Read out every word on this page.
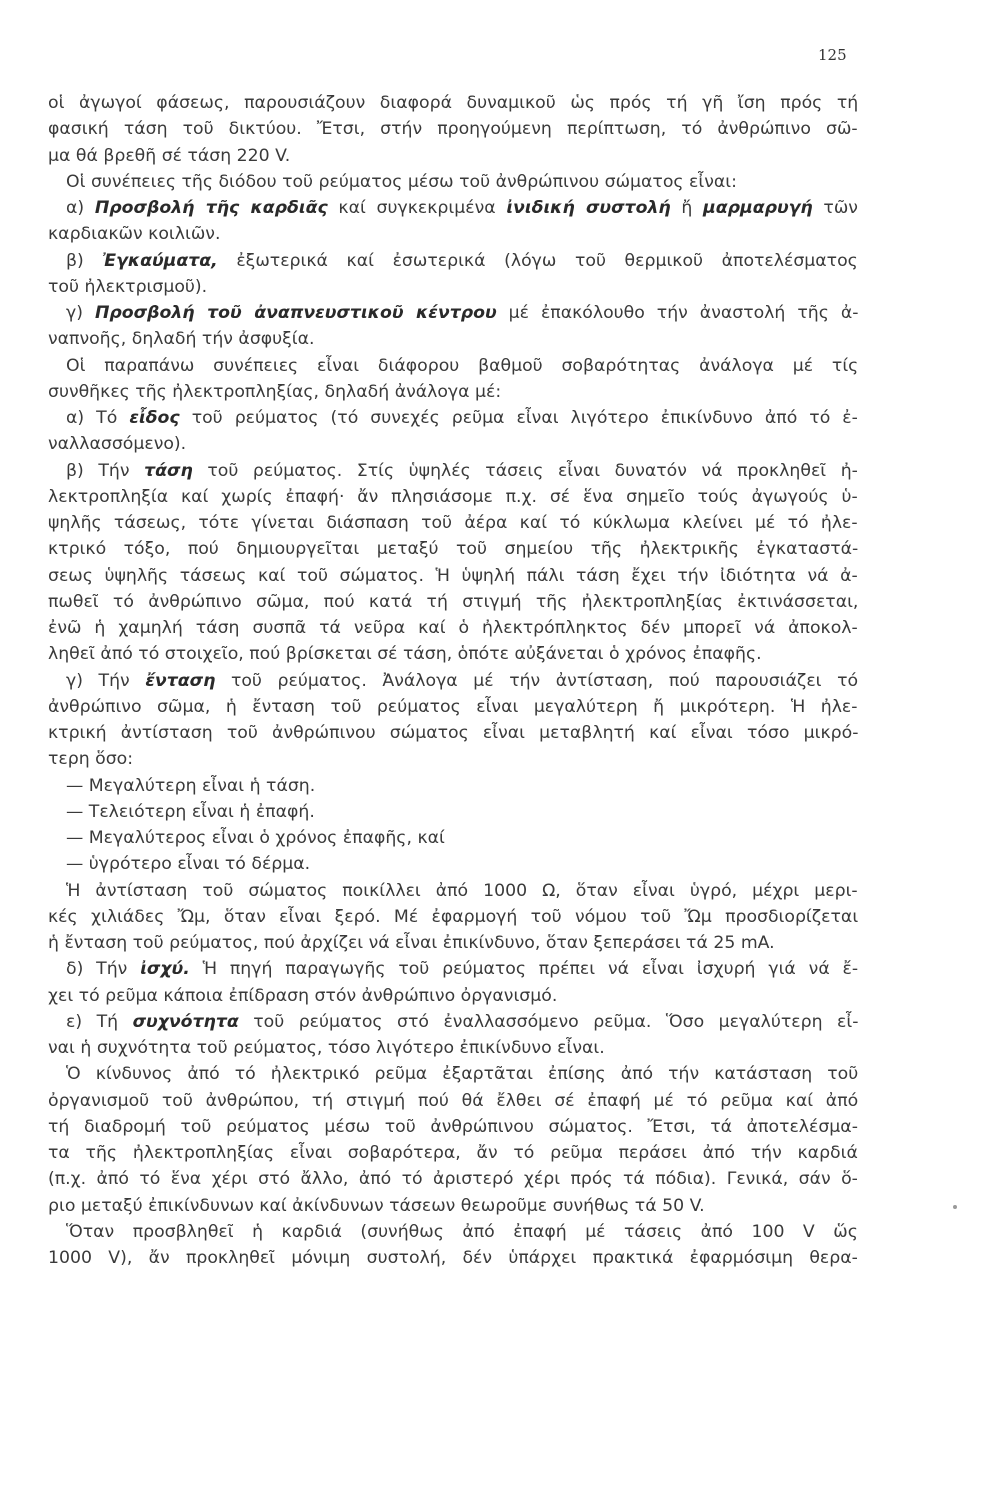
125
οἱ ἀγωγοί φάσεως, παρουσιάζουν διαφορά δυναμικοῦ ὡς πρός τή γῆ ἴση πρός τή
φασική τάση τοῦ δικτύου. Ἔτσι, στήν προηγούμενη περίπτωση, τό ἀνθρώπινο σῶ-
μα θά βρεθῆ σέ τάση 220 V.
Οἱ συνέπειες τῆς διόδου τοῦ ρεύματος μέσω τοῦ ἀνθρώπινου σώματος εἶναι:
α) Προσβολή τῆς καρδιᾶς καί συγκεκριμένα ἰνιδική συστολή ἤ μαρμαρυγή τῶν
καρδιακῶν κοιλιῶν.
β) Ἐγκαύματα, ἐξωτερικά καί ἐσωτερικά (λόγω τοῦ θερμικοῦ ἀποτελέσματος
τοῦ ἠλεκτρισμοῦ).
γ) Προσβολή τοῦ ἀναπνευστικοῦ κέντρου μέ ἐπακόλουθο τήν ἀναστολή τῆς ἀ-
ναπνοῆς, δηλαδή τήν ἀσφυξία.
Οἱ παραπάνω συνέπειες εἶναι διάφορου βαθμοῦ σοβαρότητας ἀνάλογα μέ τίς
συνθῆκες τῆς ἠλεκτροπληξίας, δηλαδή ἀνάλογα μέ:
α) Τό εἶδος τοῦ ρεύματος (τό συνεχές ρεῦμα εἶναι λιγότερο ἐπικίνδυνο ἀπό τό ἐ-
ναλλασσόμενο).
β) Τήν τάση τοῦ ρεύματος. Στίς ὑψηλές τάσεις εἶναι δυνατόν νά προκληθεῖ ἠ-
λεκτροπληξία καί χωρίς ἐπαφή· ἄν πλησιάσομε π.χ. σέ ἕνα σημεῖο τούς ἀγωγούς ὑ-
ψηλῆς τάσεως, τότε γίνεται διάσπαση τοῦ ἀέρα καί τό κύκλωμα κλείνει μέ τό ἠλε-
κτρικό τόξο, πού δημιουργεῖται μεταξύ τοῦ σημείου τῆς ἠλεκτρικῆς ἐγκαταστά-
σεως ὑψηλῆς τάσεως καί τοῦ σώματος. Ἡ ὑψηλή πάλι τάση ἔχει τήν ἰδιότητα νά ἀ-
πωθεῖ τό ἀνθρώπινο σῶμα, πού κατά τή στιγμή τῆς ἠλεκτροπληξίας ἐκτινάσσεται,
ἐνῶ ἡ χαμηλή τάση συσπᾶ τά νεῦρα καί ὁ ἠλεκτρόπληκτος δέν μπορεῖ νά ἀποκολ-
ληθεῖ ἀπό τό στοιχεῖο, πού βρίσκεται σέ τάση, ὁπότε αὐξάνεται ὁ χρόνος ἐπαφῆς.
γ) Τήν ἔνταση τοῦ ρεύματος. Ἀνάλογα μέ τήν ἀντίσταση, πού παρουσιάζει τό
ἀνθρώπινο σῶμα, ἡ ἔνταση τοῦ ρεύματος εἶναι μεγαλύτερη ἤ μικρότερη. Ἡ ἠλε-
κτρική ἀντίσταση τοῦ ἀνθρώπινου σώματος εἶναι μεταβλητή καί εἶναι τόσο μικρό-
τερη ὅσο:
— Μεγαλύτερη εἶναι ἡ τάση.
— Τελειότερη εἶναι ἡ ἐπαφή.
— Μεγαλύτερος εἶναι ὁ χρόνος ἐπαφῆς, καί
— ὑγρότερο εἶναι τό δέρμα.
Ἡ ἀντίσταση τοῦ σώματος ποικίλλει ἀπό 1000 Ω, ὅταν εἶναι ὑγρό, μέχρι μερι-
κές χιλιάδες Ὤμ, ὅταν εἶναι ξερό. Μέ ἐφαρμογή τοῦ νόμου τοῦ Ὤμ προσδιορίζεται
ἡ ἔνταση τοῦ ρεύματος, πού ἀρχίζει νά εἶναι ἐπικίνδυνο, ὅταν ξεπεράσει τά 25 mA.
δ) Τήν ἰσχύ. Ἡ πηγή παραγωγῆς τοῦ ρεύματος πρέπει νά εἶναι ἰσχυρή γιά νά ἔ-
χει τό ρεῦμα κάποια ἐπίδραση στόν ἀνθρώπινο ὀργανισμό.
ε) Τή συχνότητα τοῦ ρεύματος στό ἐναλλασσόμενο ρεῦμα. Ὅσο μεγαλύτερη εἶ-
ναι ἡ συχνότητα τοῦ ρεύματος, τόσο λιγότερο ἐπικίνδυνο εἶναι.
Ὁ κίνδυνος ἀπό τό ἠλεκτρικό ρεῦμα ἐξαρτᾶται ἐπίσης ἀπό τήν κατάσταση τοῦ
ὀργανισμοῦ τοῦ ἀνθρώπου, τή στιγμή πού θά ἔλθει σέ ἐπαφή μέ τό ρεῦμα καί ἀπό
τή διαδρομή τοῦ ρεύματος μέσω τοῦ ἀνθρώπινου σώματος. Ἔτσι, τά ἀποτελέσμα-
τα τῆς ἠλεκτροπληξίας εἶναι σοβαρότερα, ἄν τό ρεῦμα περάσει ἀπό τήν καρδιά
(π.χ. ἀπό τό ἕνα χέρι στό ἄλλο, ἀπό τό ἀριστερό χέρι πρός τά πόδια). Γενικά, σάν ὅ-
ριο μεταξύ ἐπικίνδυνων καί ἀκίνδυνων τάσεων θεωροῦμε συνήθως τά 50 V.
Ὅταν προσβληθεῖ ἡ καρδιά (συνήθως ἀπό ἐπαφή μέ τάσεις ἀπό 100 V ὥς
1000 V), ἄν προκληθεῖ μόνιμη συστολή, δέν ὑπάρχει πρακτικά ἐφαρμόσιμη θερα-
